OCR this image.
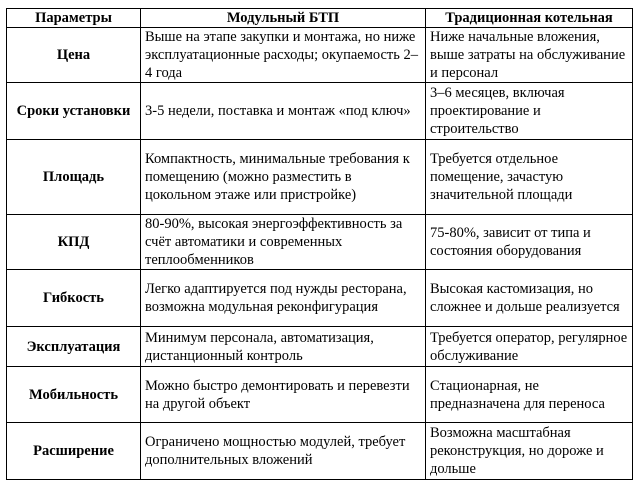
Параметры	Модульный БТП	Традиционная котельная
Цена	Выше на этапе закупки и монтажа, но ниже эксплуатационные расходы; окупаемость 2–4 года	Ниже начальные вложения, выше затраты на обслуживание и персонал
Сроки установки	3-5 недели, поставка и монтаж «под ключ»	3–6 месяцев, включая проектирование и строительство
Площадь	Компактность, минимальные требования к помещению (можно разместить в цокольном этаже или пристройке)	Требуется отдельное помещение, зачастую значительной площади
КПД	80-90%, высокая энергоэффективность за счёт автоматики и современных теплообменников	75-80%, зависит от типа и состояния оборудования
Гибкость	Легко адаптируется под нужды ресторана, возможна модульная реконфигурация	Высокая кастомизация, но сложнее и дольше реализуется
Эксплуатация	Минимум персонала, автоматизация, дистанционный контроль	Требуется оператор, регулярное обслуживание
Мобильность	Можно быстро демонтировать и перевезти на другой объект	Стационарная, не предназначена для переноса
Расширение	Ограничено мощностью модулей, требует дополнительных вложений	Возможна масштабная реконструкция, но дороже и дольше
